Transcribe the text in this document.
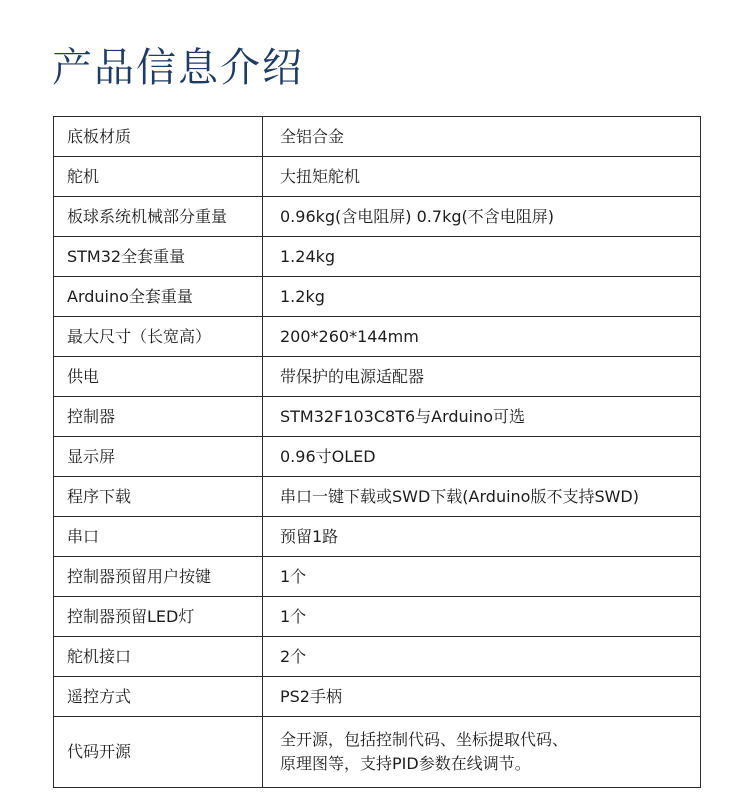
产品信息介绍
底板材质	全铝合金
舵机	大扭矩舵机
板球系统机械部分重量	0.96kg(含电阻屏) 0.7kg(不含电阻屏)
STM32全套重量	1.24kg
Arduino全套重量	1.2kg
最大尺寸（长宽高）	200*260*144mm
供电	带保护的电源适配器
控制器	STM32F103C8T6与Arduino可选
显示屏	0.96寸OLED
程序下载	串口一键下载或SWD下载(Arduino版不支持SWD)
串口	预留1路
控制器预留用户按键	1个
控制器预留LED灯	1个
舵机接口	2个
遥控方式	PS2手柄
代码开源	全开源，包括控制代码、坐标提取代码、
原理图等，支持PID参数在线调节。
